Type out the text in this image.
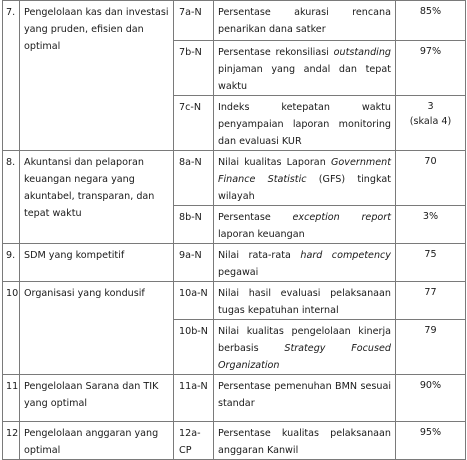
7.	Pengelolaan kas dan investasi yang pruden, efisien dan optimal	7a-N	Persentase akurasi rencana penarikan dana satker	85%

		7b-N	Persentase rekonsiliasi outstanding pinjaman yang andal dan tepat waktu	97%

		7c-N	Indeks ketepatan waktu penyampaian laporan monitoring dan evaluasi KUR	3
(skala 4)

8.	Akuntansi dan pelaporan keuangan negara yang akuntabel, transparan, dan tepat waktu	8a-N	Nilai kualitas Laporan Government Finance Statistic (GFS) tingkat wilayah	70

		8b-N	Persentase exception report laporan keuangan	3%

9.	SDM yang kompetitif	9a-N	Nilai rata-rata hard competency pegawai	75

10	Organisasi yang kondusif	10a-N	Nilai hasil evaluasi pelaksanaan tugas kepatuhan internal	77

		10b-N	Nilai kualitas pengelolaan kinerja berbasis Strategy Focused Organization	79

11	Pengelolaan Sarana dan TIK yang optimal	11a-N	Persentase pemenuhan BMN sesuai standar	90%

12	Pengelolaan anggaran yang optimal	12a-CP	Persentase kualitas pelaksanaan anggaran Kanwil	95%
